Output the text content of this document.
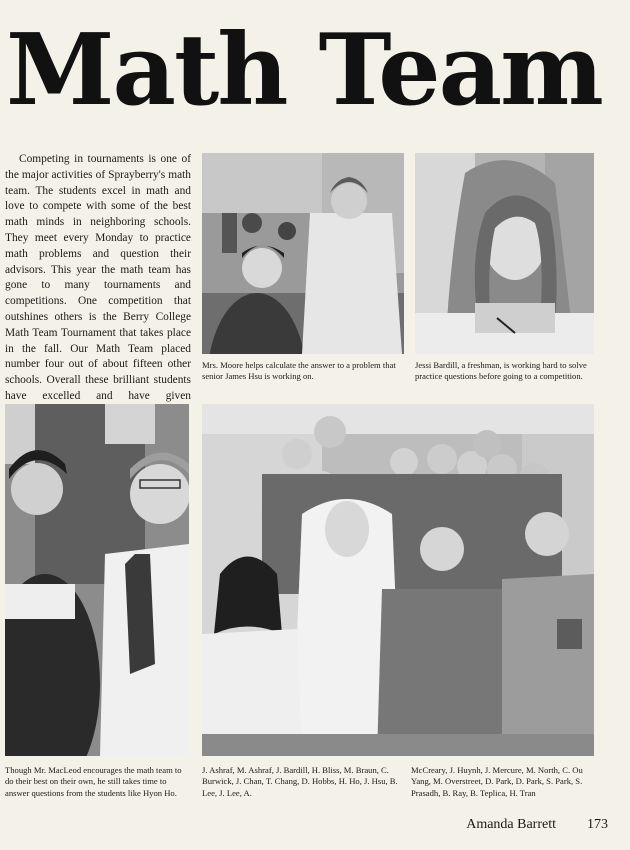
Math Team

Competing in tournaments is one of the major activities of Sprayberry's math team. The students excel in math and love to compete with some of the best math minds in neighboring schools. They meet every Monday to practice math problems and question their advisors. This year the math team has gone to many tournaments and competitions. One competition that outshines others is the Berry College Math Team Tournament that takes place in the fall. Our Math Team placed number four out of about fifteen other schools. Overall these brilliant students have excelled and have given

Mrs. Moore helps calculate the answer to a problem that senior James Hsu is working on.

Jessi Bardill, a freshman, is working hard to solve practice questions before going to a competition.

Though Mr. MacLeod encourages the math team to do their best on their own, he still takes time to answer questions from the students like Hyon Ho.

J. Ashraf, M. Ashraf, J. Bardill, H. Bliss, M. Braun, C. Burwick, J. Chan, T. Chang, D. Hobbs, H. Ho, J. Hsu, B. Lee, J. Lee, A.

McCreary, J. Huynh, J. Mercure, M. North, C. Ou Yang, M. Overstreet, D. Park, D. Park, S. Park, S. Prasadh, B. Ray, B. Teplica, H. Tran

Amanda Barrett 173
